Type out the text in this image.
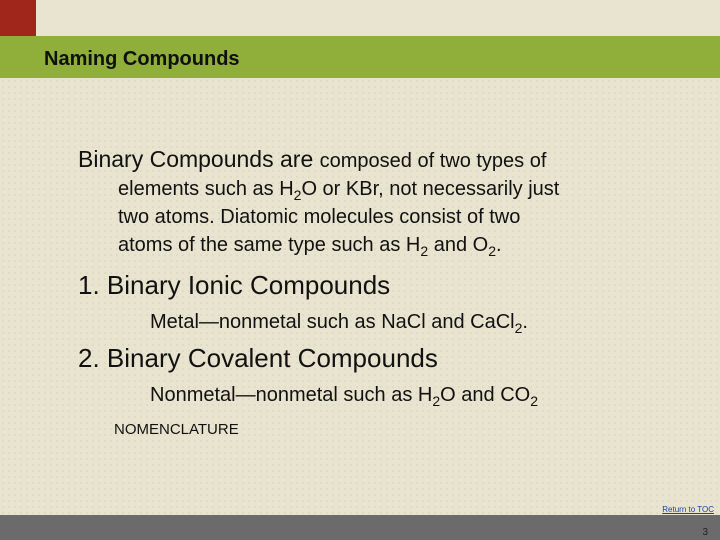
Naming Compounds
Binary Compounds are composed of two types of
elements such as $H_2O$ or KBr, not necessarily just
two atoms. Diatomic molecules consist of two
atoms of the same type such as $H_2$ and $O_2$.
1. Binary Ionic Compounds
Metal—nonmetal such as NaCl and CaCl$_2$.
2. Binary Covalent Compounds
Nonmetal—nonmetal such as $H_2O$ and $CO_2$
NOMENCLATURE
Return to TOC
3
